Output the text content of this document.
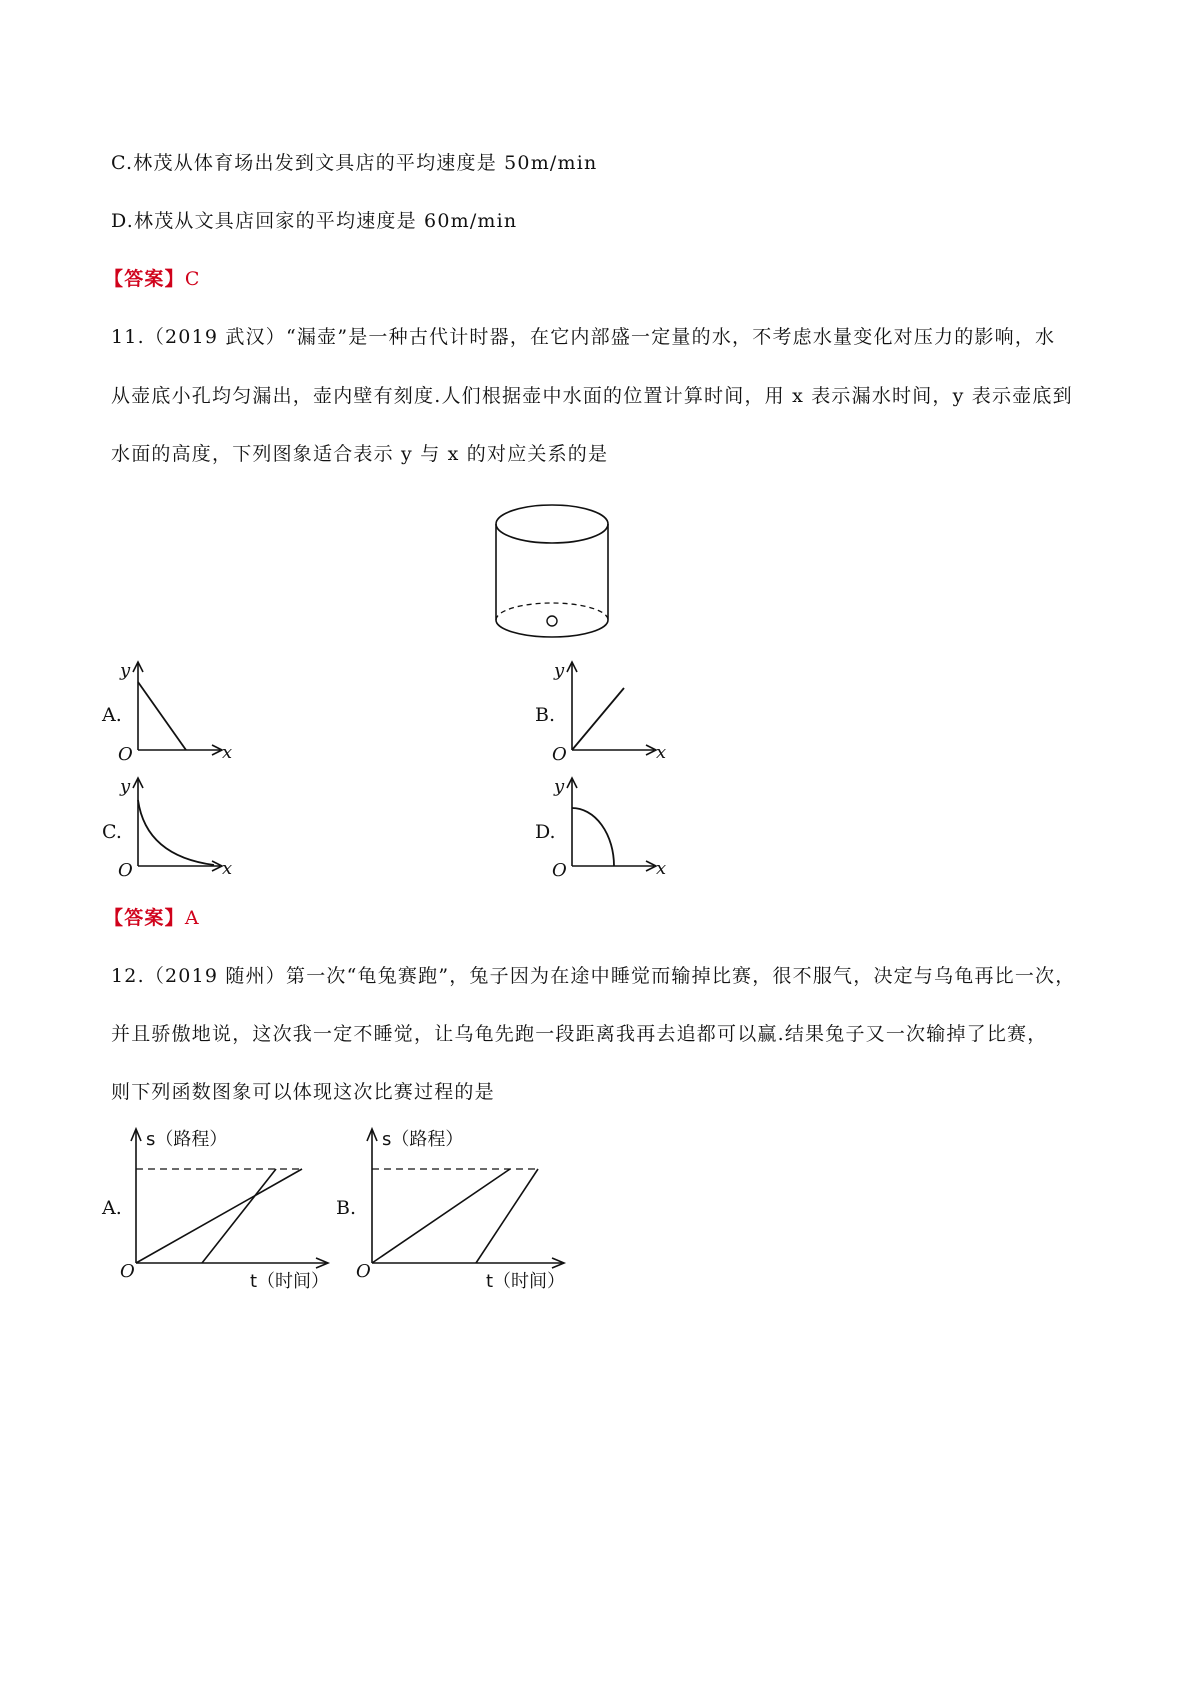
C.林茂从体育场出发到文具店的平均速度是 50m/min
D.林茂从文具店回家的平均速度是 60m/min
【答案】C
11.（2019 武汉）“漏壶”是一种古代计时器，在它内部盛一定量的水，不考虑水量变化对压力的影响，水
从壶底小孔均匀漏出，壶内壁有刻度.人们根据壶中水面的位置计算时间，用 x 表示漏水时间，y 表示壶底到
水面的高度，下列图象适合表示 y 与 x 的对应关系的是
A.	B.
C.	D.
y
x
O
y
x
O
y
x
O
y
x
O
【答案】A
12.（2019 随州）第一次“龟兔赛跑”，兔子因为在途中睡觉而输掉比赛，很不服气，决定与乌龟再比一次，
并且骄傲地说，这次我一定不睡觉，让乌龟先跑一段距离我再去追都可以赢.结果兔子又一次输掉了比赛，
则下列函数图象可以体现这次比赛过程的是
A.	B.
s（路程）
t（时间）
O
s（路程）
t（时间）
O
